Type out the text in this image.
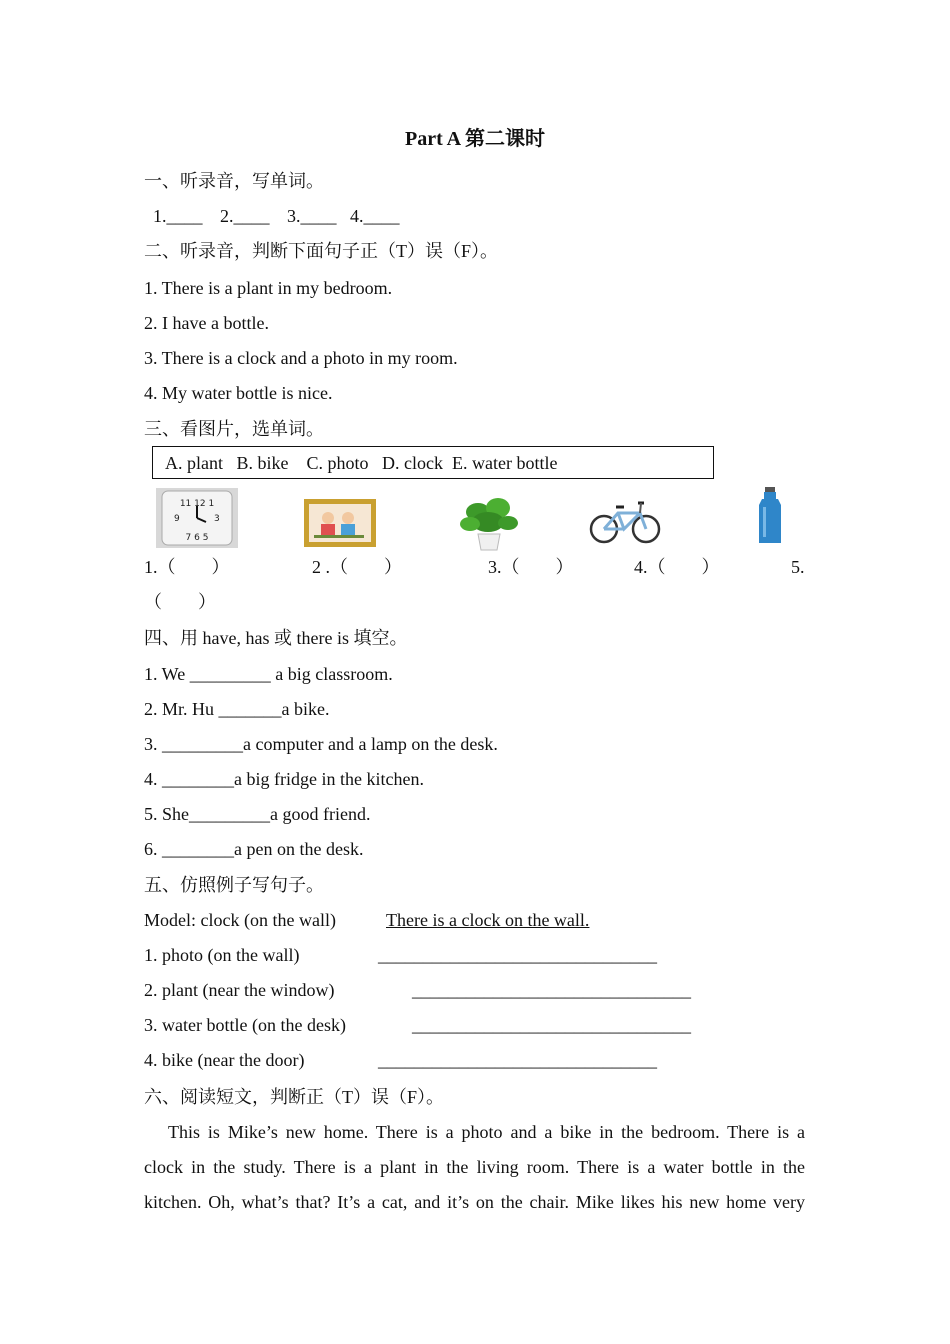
Part A 第二课时
一、听录音，写单词。
1.____ 2.____ 3.____ 4.____
二、听录音，判断下面句子正（T）误（F）。
1. There is a plant in my bedroom.
2. I have a bottle.
3. There is a clock and a photo in my room.
4. My water bottle is nice.
三、看图片，选单词。
A. plant   B. bike    C. photo   D. clock  E. water bottle
11 12 1
9	3
7 6 5
1.（        ）	2 .（        ）	3.（        ）	4.（        ）	5.
（        ）
四、用 have, has 或 there is 填空。
1. We _________ a big classroom.
2. Mr. Hu _______a bike.
3. _________a computer and a lamp on the desk.
4. ________a big fridge in the kitchen.
5. She_________a good friend.
6. ________a pen on the desk.
五、仿照例子写句子。
Model: clock (on the wall)	There is a clock on the wall.
1. photo (on the wall)	_______________________________
2. plant (near the window)	_______________________________
3. water bottle (on the desk)	_______________________________
4. bike (near the door)	_______________________________
六、阅读短文，判断正（T）误（F）。
This is Mike’s new home. There is a photo and a bike in the bedroom. There is a
clock in the study. There is a plant in the living room. There is a water bottle in the
kitchen. Oh, what’s that? It’s a cat, and it’s on the chair. Mike likes his new home very
